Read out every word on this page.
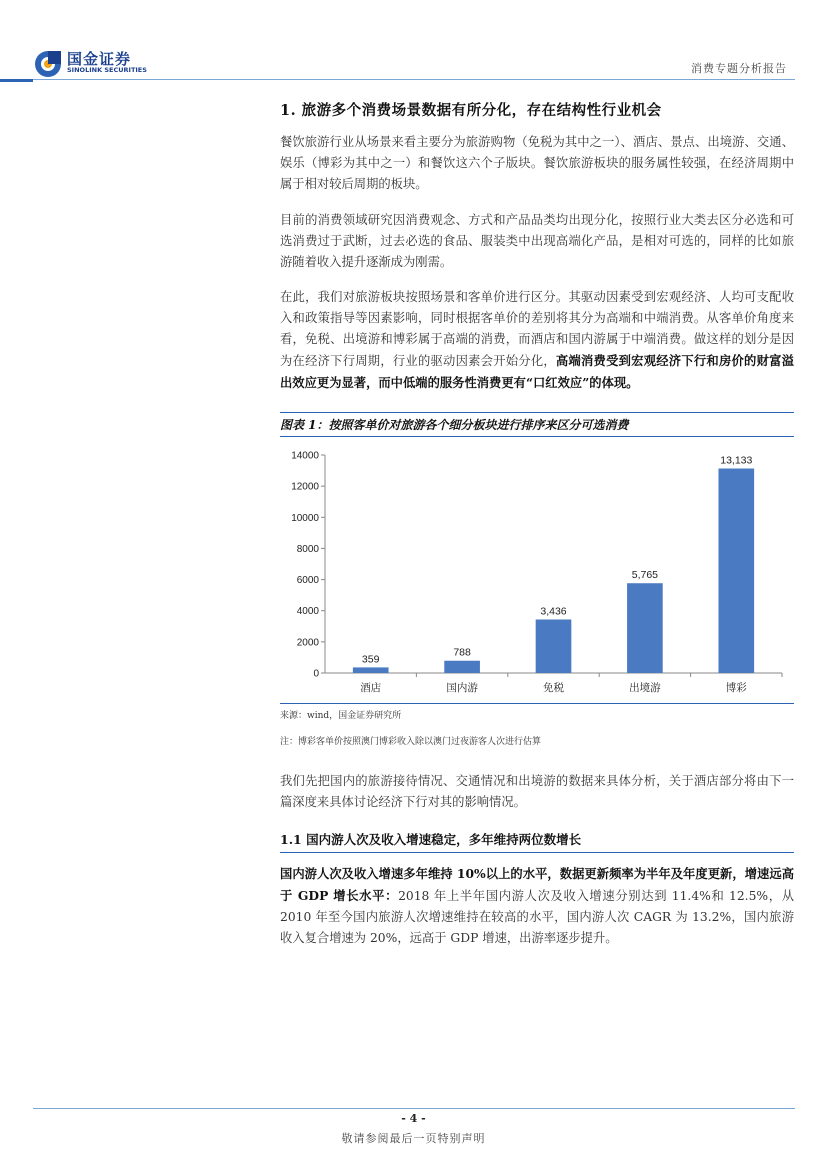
国金证券
SINOLINK SECURITIES	消费专题分析报告
1. 旅游多个消费场景数据有所分化，存在结构性行业机会

餐饮旅游行业从场景来看主要分为旅游购物（免税为其中之一）、酒店、景点、出境游、交通、娱乐（博彩为其中之一）和餐饮这六个子版块。餐饮旅游板块的服务属性较强，在经济周期中属于相对较后周期的板块。

目前的消费领域研究因消费观念、方式和产品品类均出现分化，按照行业大类去区分必选和可选消费过于武断，过去必选的食品、服装类中出现高端化产品，是相对可选的，同样的比如旅游随着收入提升逐渐成为刚需。

在此，我们对旅游板块按照场景和客单价进行区分。其驱动因素受到宏观经济、人均可支配收入和政策指导等因素影响，同时根据客单价的差别将其分为高端和中端消费。从客单价角度来看，免税、出境游和博彩属于高端的消费，而酒店和国内游属于中端消费。做这样的划分是因为在经济下行周期，行业的驱动因素会开始分化，高端消费受到宏观经济下行和房价的财富溢出效应更为显著，而中低端的服务性消费更有“口红效应”的体现。

图表 1：按照客单价对旅游各个细分板块进行排序来区分可选消费
0
2000
4000
6000
8000
10000
12000
14000
359
酒店
788
国内游
3,436
免税
5,765
出境游
13,133
博彩
来源：wind，国金证券研究所
注：博彩客单价按照澳门博彩收入除以澳门过夜游客人次进行估算

我们先把国内的旅游接待情况、交通情况和出境游的数据来具体分析，关于酒店部分将由下一篇深度来具体讨论经济下行对其的影响情况。

1.1 国内游人次及收入增速稳定，多年维持两位数增长

国内游人次及收入增速多年维持 10%以上的水平，数据更新频率为半年及年度更新，增速远高于 GDP 增长水平：2018 年上半年国内游人次及收入增速分别达到 11.4%和 12.5%，从 2010 年至今国内旅游人次增速维持在较高的水平，国内游人次 CAGR 为 13.2%，国内旅游收入复合增速为 20%，远高于 GDP 增速，出游率逐步提升。

- 4 -
敬请参阅最后一页特别声明
